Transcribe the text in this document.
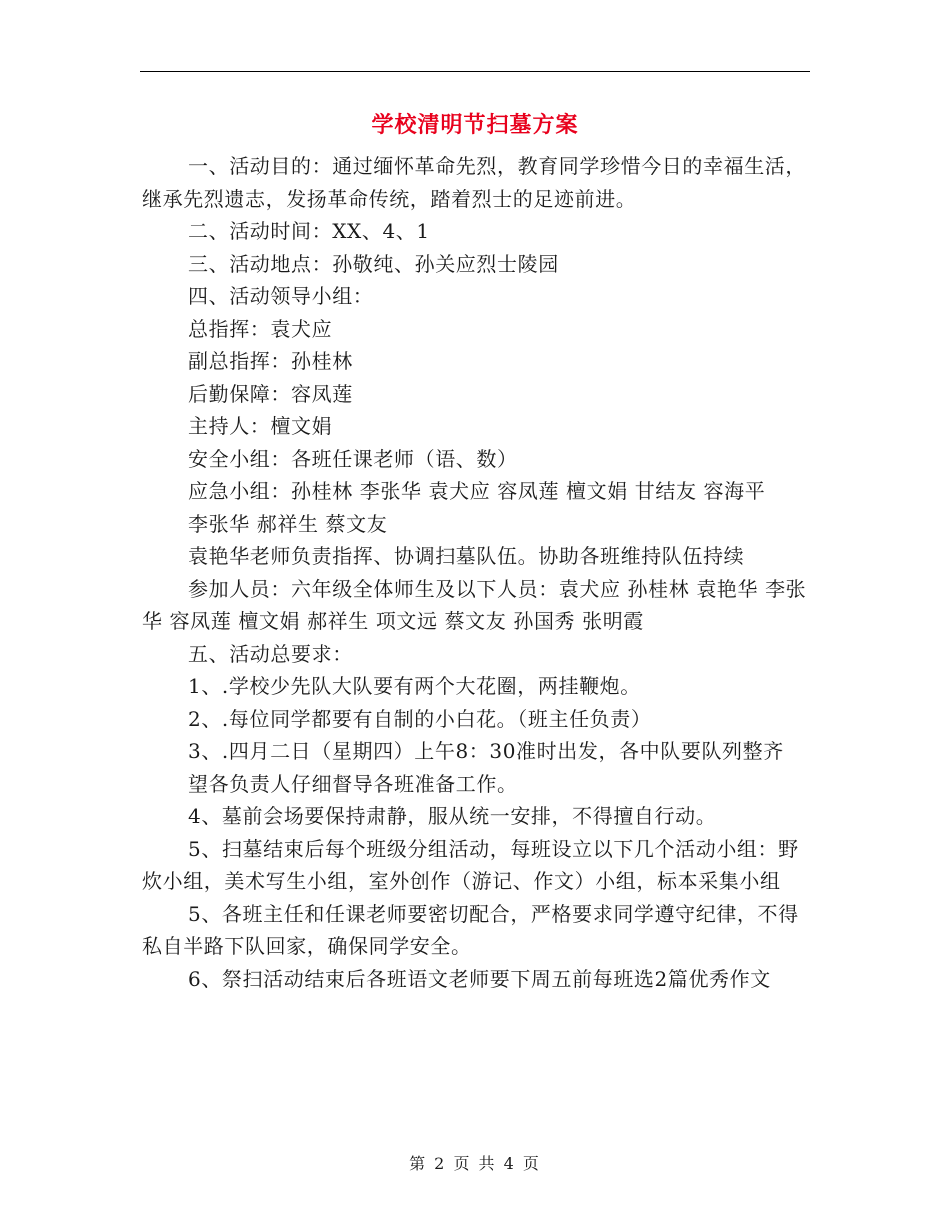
学校清明节扫墓方案

一、活动目的：通过缅怀革命先烈，教育同学珍惜今日的幸福生活，继承先烈遗志，发扬革命传统，踏着烈士的足迹前进。

二、活动时间：XX、4、1

三、活动地点：孙敬纯、孙关应烈士陵园

四、活动领导小组：

总指挥：袁犬应

副总指挥：孙桂林

后勤保障：容凤莲

主持人：檀文娟

安全小组：各班任课老师（语、数）

应急小组：孙桂林 李张华 袁犬应 容凤莲 檀文娟 甘结友 容海平

李张华 郝祥生 蔡文友

袁艳华老师负责指挥、协调扫墓队伍。协助各班维持队伍持续

参加人员：六年级全体师生及以下人员：袁犬应 孙桂林 袁艳华 李张华 容凤莲 檀文娟 郝祥生 项文远 蔡文友 孙国秀 张明霞

五、活动总要求：

1、.学校少先队大队要有两个大花圈，两挂鞭炮。

2、.每位同学都要有自制的小白花。（班主任负责）

3、.四月二日（星期四）上午8：30准时出发，各中队要队列整齐

望各负责人仔细督导各班准备工作。

4、墓前会场要保持肃静，服从统一安排，不得擅自行动。

5、扫墓结束后每个班级分组活动，每班设立以下几个活动小组：野炊小组，美术写生小组，室外创作（游记、作文）小组，标本采集小组

5、各班主任和任课老师要密切配合，严格要求同学遵守纪律，不得私自半路下队回家，确保同学安全。

6、祭扫活动结束后各班语文老师要下周五前每班选2篇优秀作文

第 2 页 共 4 页
